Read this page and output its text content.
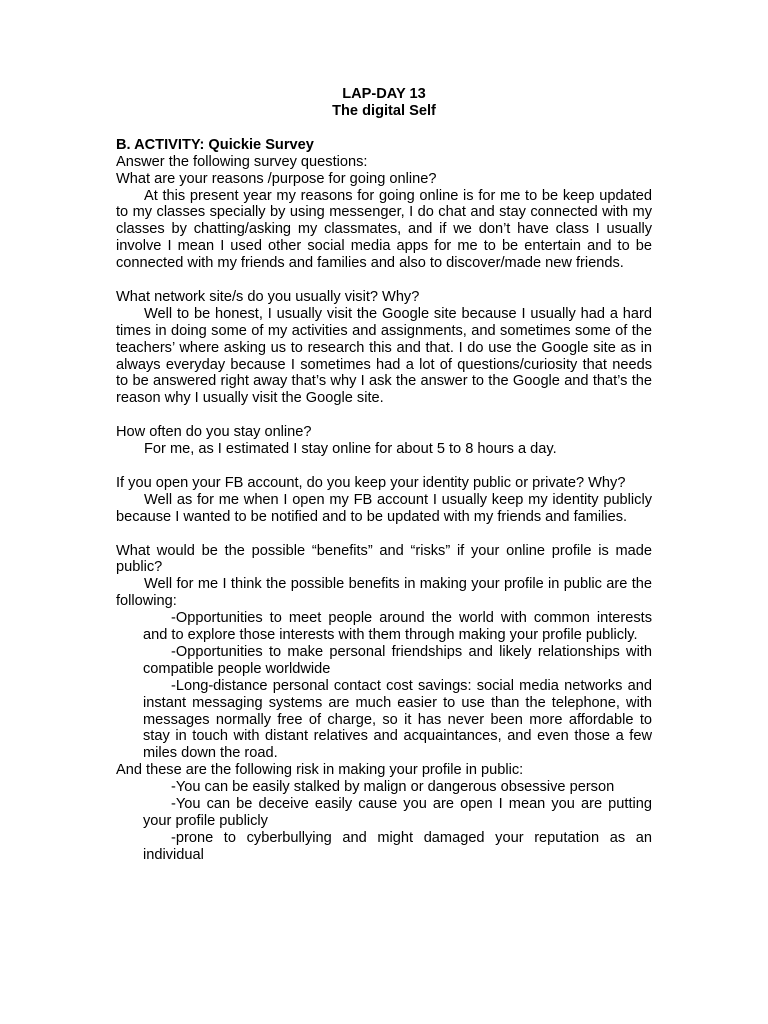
LAP-DAY 13

The digital Self

B. ACTIVITY: Quickie Survey

Answer the following survey questions:

What are your reasons /purpose for going online?

At this present year my reasons for going online is for me to be keep updated to my classes specially by using messenger, I do chat and stay connected with my classes by chatting/asking my classmates, and if we don’t have class I usually involve I mean I used other social media apps for me to be entertain and to be connected with my friends and families and also to discover/made new friends.

What network site/s do you usually visit? Why?

Well to be honest, I usually visit the Google site because I usually had a hard times in doing some of my activities and assignments, and sometimes some of the teachers’ where asking us to research this and that. I do use the Google site as in always everyday because I sometimes had a lot of questions/curiosity that needs to be answered right away that’s why I ask the answer to the Google and that’s the reason why I usually visit the Google site.

How often do you stay online?

For me, as I estimated I stay online for about 5 to 8 hours a day.

If you open your FB account, do you keep your identity public or private? Why?

Well as for me when I open my FB account I usually keep my identity publicly because I wanted to be notified and to be updated with my friends and families.

What would be the possible “benefits” and “risks” if your online profile is made public?

Well for me I think the possible benefits in making your profile in public are the following:

-Opportunities to meet people around the world with common interests and to explore those interests with them through making your profile publicly.

-Opportunities to make personal friendships and likely relationships with compatible people worldwide

-Long-distance personal contact cost savings: social media networks and instant messaging systems are much easier to use than the telephone, with messages normally free of charge, so it has never been more affordable to stay in touch with distant relatives and acquaintances, and even those a few miles down the road.

And these are the following risk in making your profile in public:

-You can be easily stalked by malign or dangerous obsessive person

-You can be deceive easily cause you are open I mean you are putting your profile publicly

-prone to cyberbullying and might damaged your reputation as an individual
